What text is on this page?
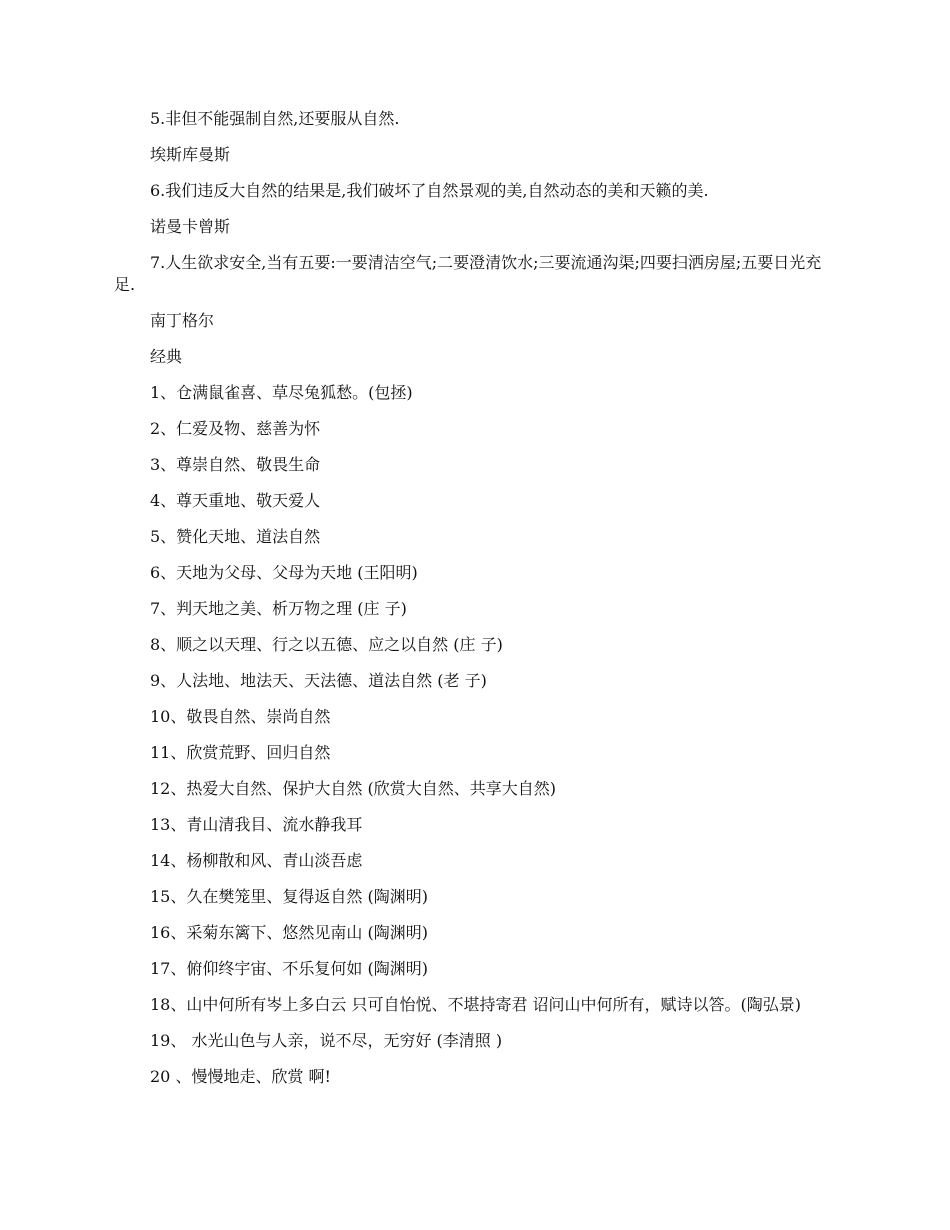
5.非但不能强制自然,还要服从自然.

埃斯库曼斯

6.我们违反大自然的结果是,我们破坏了自然景观的美,自然动态的美和天籁的美.

诺曼卡曾斯

7.人生欲求安全,当有五要:一要清洁空气;二要澄清饮水;三要流通沟渠;四要扫洒房屋;五要日光充足.

南丁格尔

经典

1、仓满鼠雀喜、草尽兔狐愁。(包拯)

2、仁爱及物、慈善为怀

3、尊崇自然、敬畏生命

4、尊天重地、敬天爱人

5、赞化天地、道法自然

6、天地为父母、父母为天地 (王阳明)

7、判天地之美、析万物之理 (庄 子)

8、顺之以天理、行之以五德、应之以自然 (庄 子)

9、人法地、地法天、天法德、道法自然 (老 子)

10、敬畏自然、崇尚自然

11、欣赏荒野、回归自然

12、热爱大自然、保护大自然 (欣赏大自然、共享大自然)

13、青山清我目、流水静我耳

14、杨柳散和风、青山淡吾虑

15、久在樊笼里、复得返自然 (陶渊明)

16、采菊东篱下、悠然见南山 (陶渊明)

17、俯仰终宇宙、不乐复何如 (陶渊明)

18、山中何所有岑上多白云 只可自怡悦、不堪持寄君 诏问山中何所有，赋诗以答。(陶弘景)

19、 水光山色与人亲，说不尽，无穷好 (李清照 )

20 、慢慢地走、欣赏 啊!
